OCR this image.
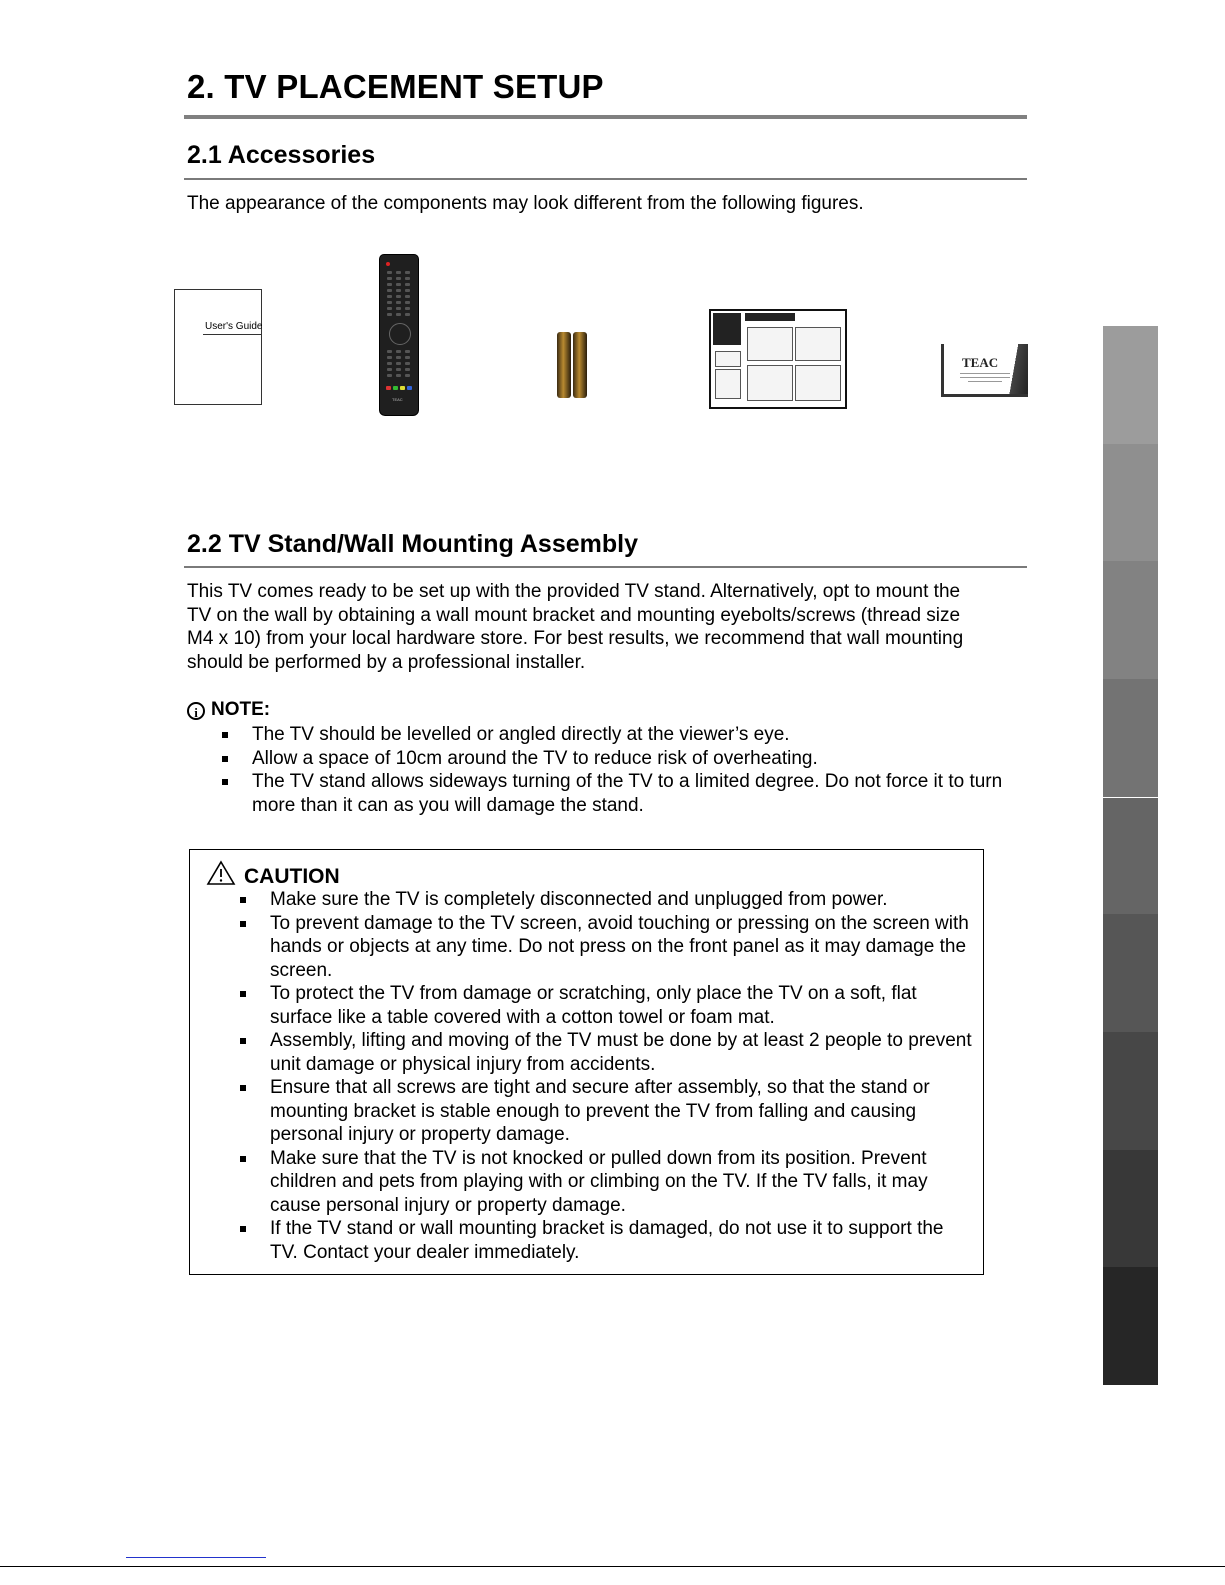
2. TV PLACEMENT SETUP
2.1 Accessories
The appearance of the components may look different from the following figures.
User's Guide
TEAC
TEAC
2.2 TV Stand/Wall Mounting Assembly
This TV comes ready to be set up with the provided TV stand. Alternatively, opt to mount the
TV on the wall by obtaining a wall mount bracket and mounting eyebolts/screws (thread size
M4 x 10) from your local hardware store. For best results, we recommend that wall mounting
should be performed by a professional installer.
i NOTE:
The TV should be levelled or angled directly at the viewer’s eye.
Allow a space of 10cm around the TV to reduce risk of overheating.
The TV stand allows sideways turning of the TV to a limited degree. Do not force it to turn more than it can as you will damage the stand.
CAUTION
Make sure the TV is completely disconnected and unplugged from power.
To prevent damage to the TV screen, avoid touching or pressing on the screen with hands or objects at any time. Do not press on the front panel as it may damage the screen.
To protect the TV from damage or scratching, only place the TV on a soft, flat surface like a table covered with a cotton towel or foam mat.
Assembly, lifting and moving of the TV must be done by at least 2 people to prevent unit damage or physical injury from accidents.
Ensure that all screws are tight and secure after assembly, so that the stand or mounting bracket is stable enough to prevent the TV from falling and causing personal injury or property damage.
Make sure that the TV is not knocked or pulled down from its position. Prevent children and pets from playing with or climbing on the TV. If the TV falls, it may cause personal injury or property damage.
If the TV stand or wall mounting bracket is damaged, do not use it to support the TV. Contact your dealer immediately.
